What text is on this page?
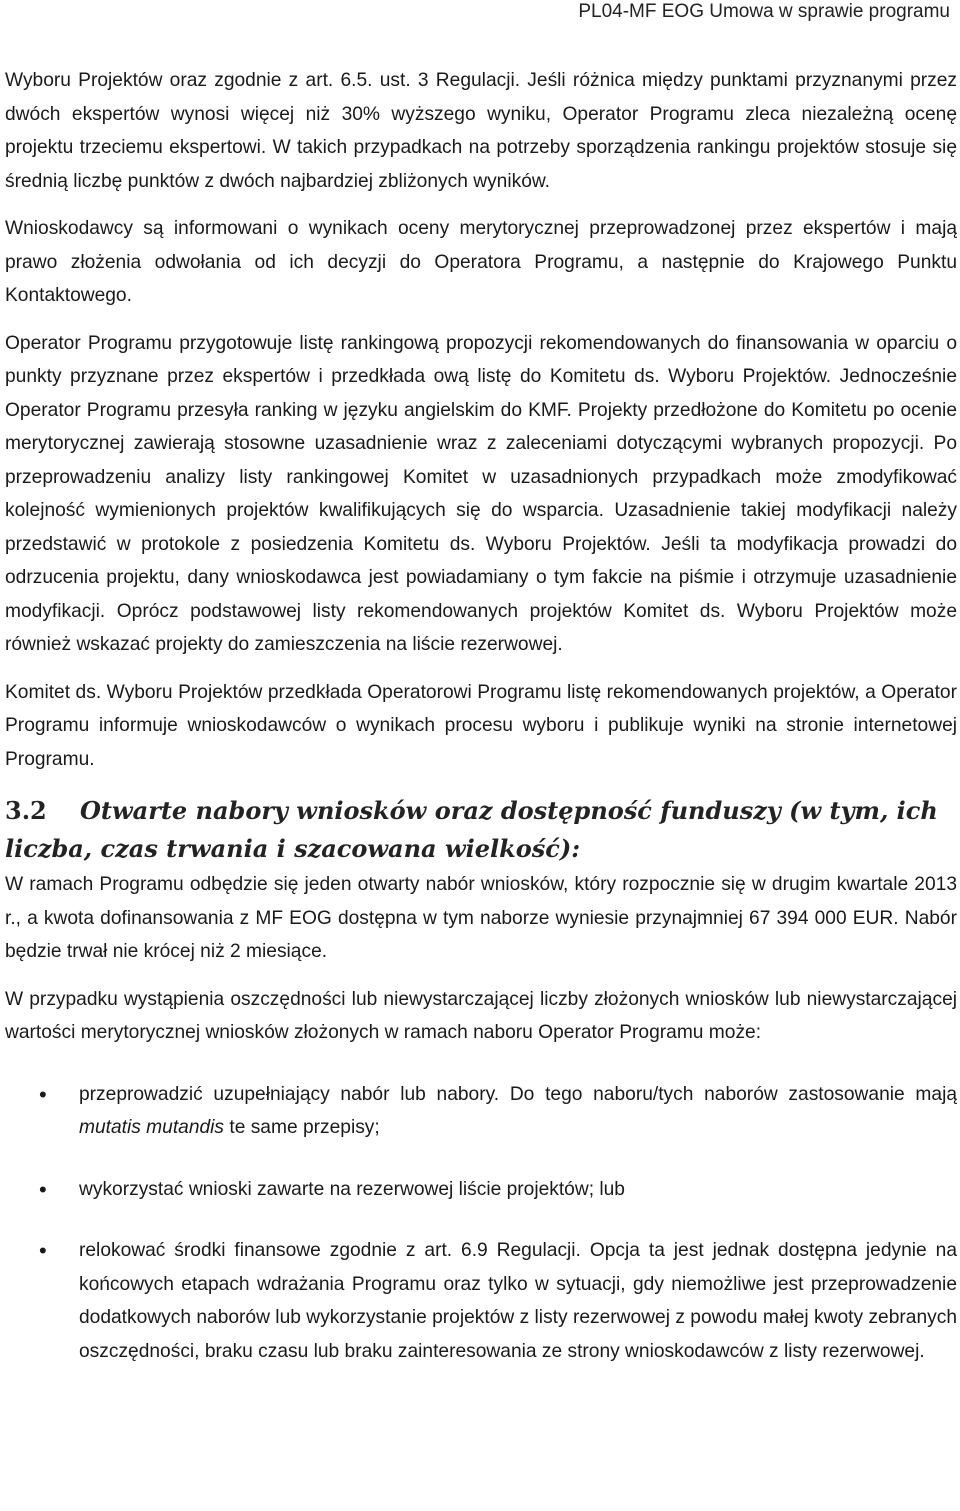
PL04-MF EOG Umowa w sprawie programu

Wyboru Projektów oraz zgodnie z art. 6.5. ust. 3 Regulacji. Jeśli różnica między punktami przyznanymi przez dwóch ekspertów wynosi więcej niż 30% wyższego wyniku, Operator Programu zleca niezależną ocenę projektu trzeciemu ekspertowi. W takich przypadkach na potrzeby sporządzenia rankingu projektów stosuje się średnią liczbę punktów z dwóch najbardziej zbliżonych wyników.

Wnioskodawcy są informowani o wynikach oceny merytorycznej przeprowadzonej przez ekspertów i mają prawo złożenia odwołania od ich decyzji do Operatora Programu, a następnie do Krajowego Punktu Kontaktowego.

Operator Programu przygotowuje listę rankingową propozycji rekomendowanych do finansowania w oparciu o punkty przyznane przez ekspertów i przedkłada ową listę do Komitetu ds. Wyboru Projektów. Jednocześnie Operator Programu przesyła ranking w języku angielskim do KMF. Projekty przedłożone do Komitetu po ocenie merytorycznej zawierają stosowne uzasadnienie wraz z zaleceniami dotyczącymi wybranych propozycji. Po przeprowadzeniu analizy listy rankingowej Komitet w uzasadnionych przypadkach może zmodyfikować kolejność wymienionych projektów kwalifikujących się do wsparcia. Uzasadnienie takiej modyfikacji należy przedstawić w protokole z posiedzenia Komitetu ds. Wyboru Projektów. Jeśli ta modyfikacja prowadzi do odrzucenia projektu, dany wnioskodawca jest powiadamiany o tym fakcie na piśmie i otrzymuje uzasadnienie modyfikacji. Oprócz podstawowej listy rekomendowanych projektów Komitet ds. Wyboru Projektów może również wskazać projekty do zamieszczenia na liście rezerwowej.

Komitet ds. Wyboru Projektów przedkłada Operatorowi Programu listę rekomendowanych projektów, a Operator Programu informuje wnioskodawców o wynikach procesu wyboru i publikuje wyniki na stronie internetowej Programu.

3.2 Otwarte nabory wniosków oraz dostępność funduszy (w tym, ich liczba, czas trwania i szacowana wielkość):

W ramach Programu odbędzie się jeden otwarty nabór wniosków, który rozpocznie się w drugim kwartale 2013 r., a kwota dofinansowania z MF EOG dostępna w tym naborze wyniesie przynajmniej 67 394 000 EUR. Nabór będzie trwał nie krócej niż 2 miesiące.

W przypadku wystąpienia oszczędności lub niewystarczającej liczby złożonych wniosków lub niewystarczającej wartości merytorycznej wniosków złożonych w ramach naboru Operator Programu może:

• przeprowadzić uzupełniający nabór lub nabory. Do tego naboru/tych naborów zastosowanie mają mutatis mutandis te same przepisy;
• wykorzystać wnioski zawarte na rezerwowej liście projektów; lub
• relokować środki finansowe zgodnie z art. 6.9 Regulacji. Opcja ta jest jednak dostępna jedynie na końcowych etapach wdrażania Programu oraz tylko w sytuacji, gdy niemożliwe jest przeprowadzenie dodatkowych naborów lub wykorzystanie projektów z listy rezerwowej z powodu małej kwoty zebranych oszczędności, braku czasu lub braku zainteresowania ze strony wnioskodawców z listy rezerwowej.
